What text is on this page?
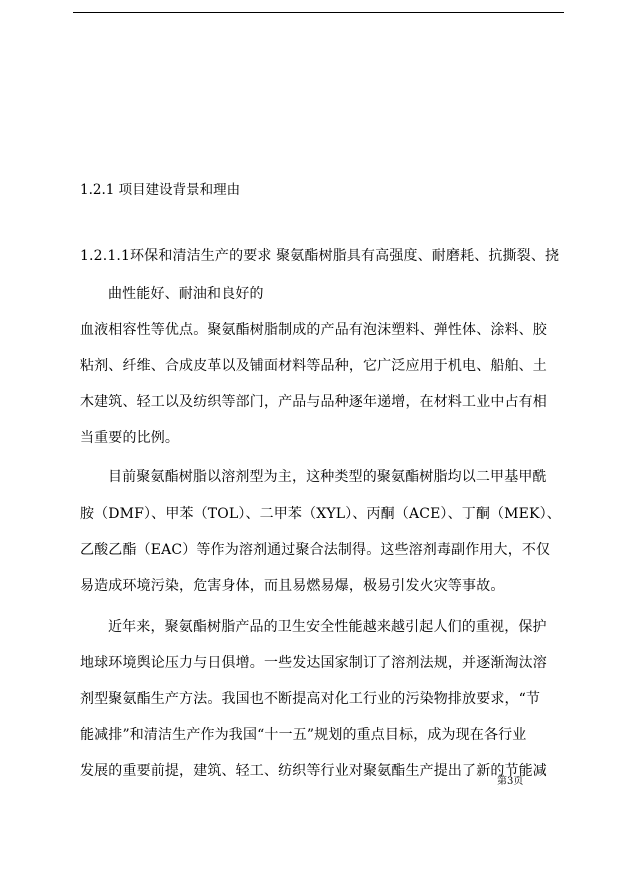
1.2.1 项目建设背景和理由
1.2.1.1环保和清洁生产的要求 聚氨酯树脂具有高强度、耐磨耗、抗撕裂、挠
曲性能好、耐油和良好的
血液相容性等优点。聚氨酯树脂制成的产品有泡沫塑料、弹性体、涂料、胶
粘剂、纤维、合成皮革以及铺面材料等品种，它广泛应用于机电、船舶、土
木建筑、轻工以及纺织等部门，产品与品种逐年递增，在材料工业中占有相
当重要的比例。
目前聚氨酯树脂以溶剂型为主，这种类型的聚氨酯树脂均以二甲基甲酰
胺（DMF）、甲苯（TOL）、二甲苯（XYL）、丙酮（ACE）、丁酮（MEK）、
乙酸乙酯（EAC）等作为溶剂通过聚合法制得。这些溶剂毒副作用大，不仅
易造成环境污染，危害身体，而且易燃易爆，极易引发火灾等事故。
近年来，聚氨酯树脂产品的卫生安全性能越来越引起人们的重视，保护
地球环境舆论压力与日俱增。一些发达国家制订了溶剂法规，并逐渐淘汰溶
剂型聚氨酯生产方法。我国也不断提高对化工行业的污染物排放要求，“节
能减排”和清洁生产作为我国“十一五”规划的重点目标，成为现在各行业
发展的重要前提，建筑、轻工、纺织等行业对聚氨酯生产提出了新的节能减
第3页
